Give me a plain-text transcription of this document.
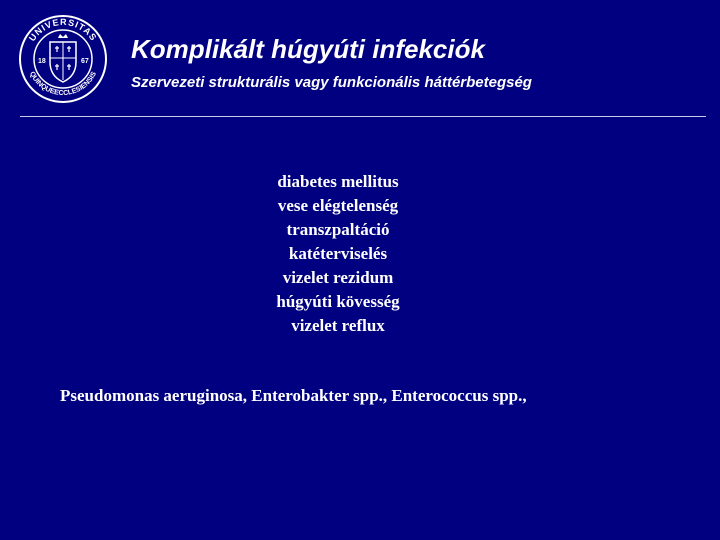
UNIVERSITAS
QUINQUEECCLESIENSIS
18	67 Komplikált húgyúti infekciók
Szervezeti strukturális vagy funkcionális háttérbetegség
diabetes mellitus
vese elégtelenség
transzpaltáció
katéterviselés
vizelet rezidum
húgyúti kövesség
vizelet reflux
Pseudomonas aeruginosa, Enterobakter spp., Enterococcus spp.,
